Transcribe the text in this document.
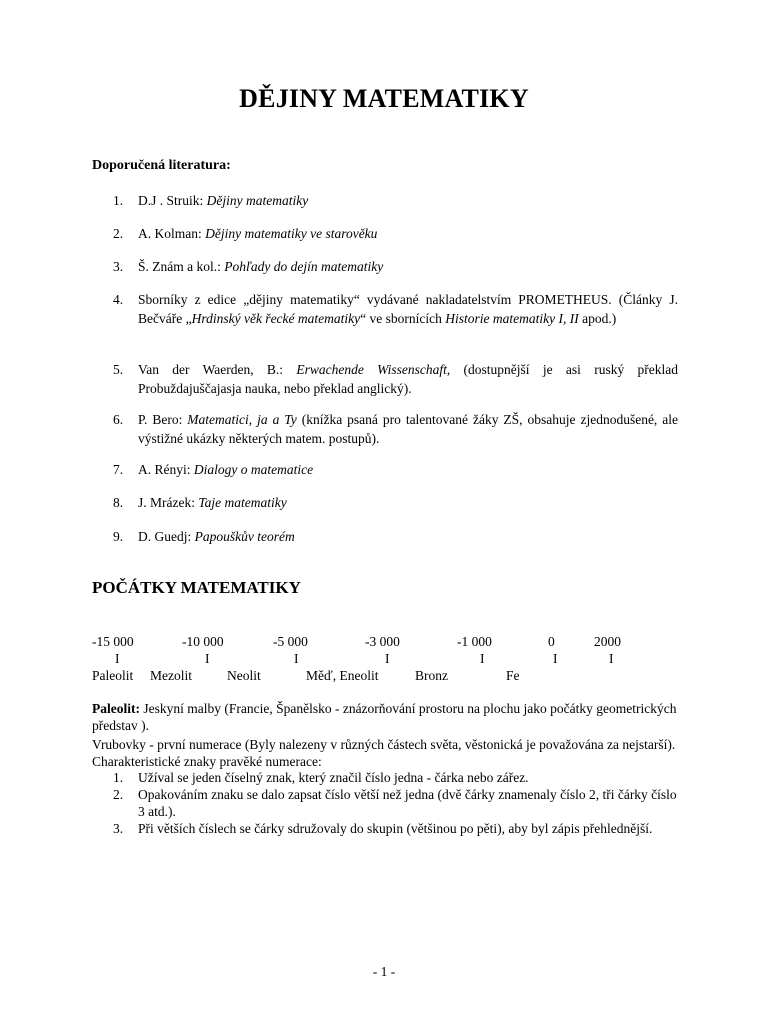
DĚJINY MATEMATIKY
Doporučená literatura:
1.	D.J . Struik: Dějiny matematiky
2.	A. Kolman: Dějiny matematiky ve starověku
3.	Š. Znám a kol.: Pohľady do dejín matematiky
4.	Sborníky z edice „dějiny matematiky“ vydávané nakladatelstvím PROMETHEUS. (Články J. Bečváře „Hrdinský věk řecké matematiky“ ve sbornících Historie matematiky I, II apod.)
5.	Van der Waerden, B.: Erwachende Wissenschaft, (dostupnější je asi ruský překlad Probuždajuščajasja nauka, nebo překlad anglický).
6.	P. Bero: Matematici, ja a Ty (knížka psaná pro talentované žáky ZŠ, obsahuje zjednodušené, ale výstižné ukázky některých matem. postupů).
7.	A. Rényi: Dialogy o matematice
8.	J. Mrázek: Taje matematiky
9.	D. Guedj: Papouškův teorém
POČÁTKY MATEMATIKY
-15 000	-10 000	-5 000	-3 000	-1 000	0	2000
I	I	I	I	I	I	I
Paleolit Mezolit	Neolit	Měď, Eneolit	Bronz	Fe
Paleolit: Jeskyní malby (Francie, Španělsko - znázorňování prostoru na plochu jako počátky geometrických představ ).
Vrubovky - první numerace (Byly nalezeny v různých částech světa, věstonická je považována za nejstarší). Charakteristické znaky pravěké numerace:
1. Užíval se jeden číselný znak, který značil číslo jedna - čárka nebo zářez.
2. Opakováním znaku se dalo zapsat číslo větší než jedna (dvě čárky znamenaly číslo 2, tři čárky číslo 3 atd.).
3. Při větších číslech se čárky sdružovaly do skupin (většinou po pěti), aby byl zápis přehlednější.
- 1 -
